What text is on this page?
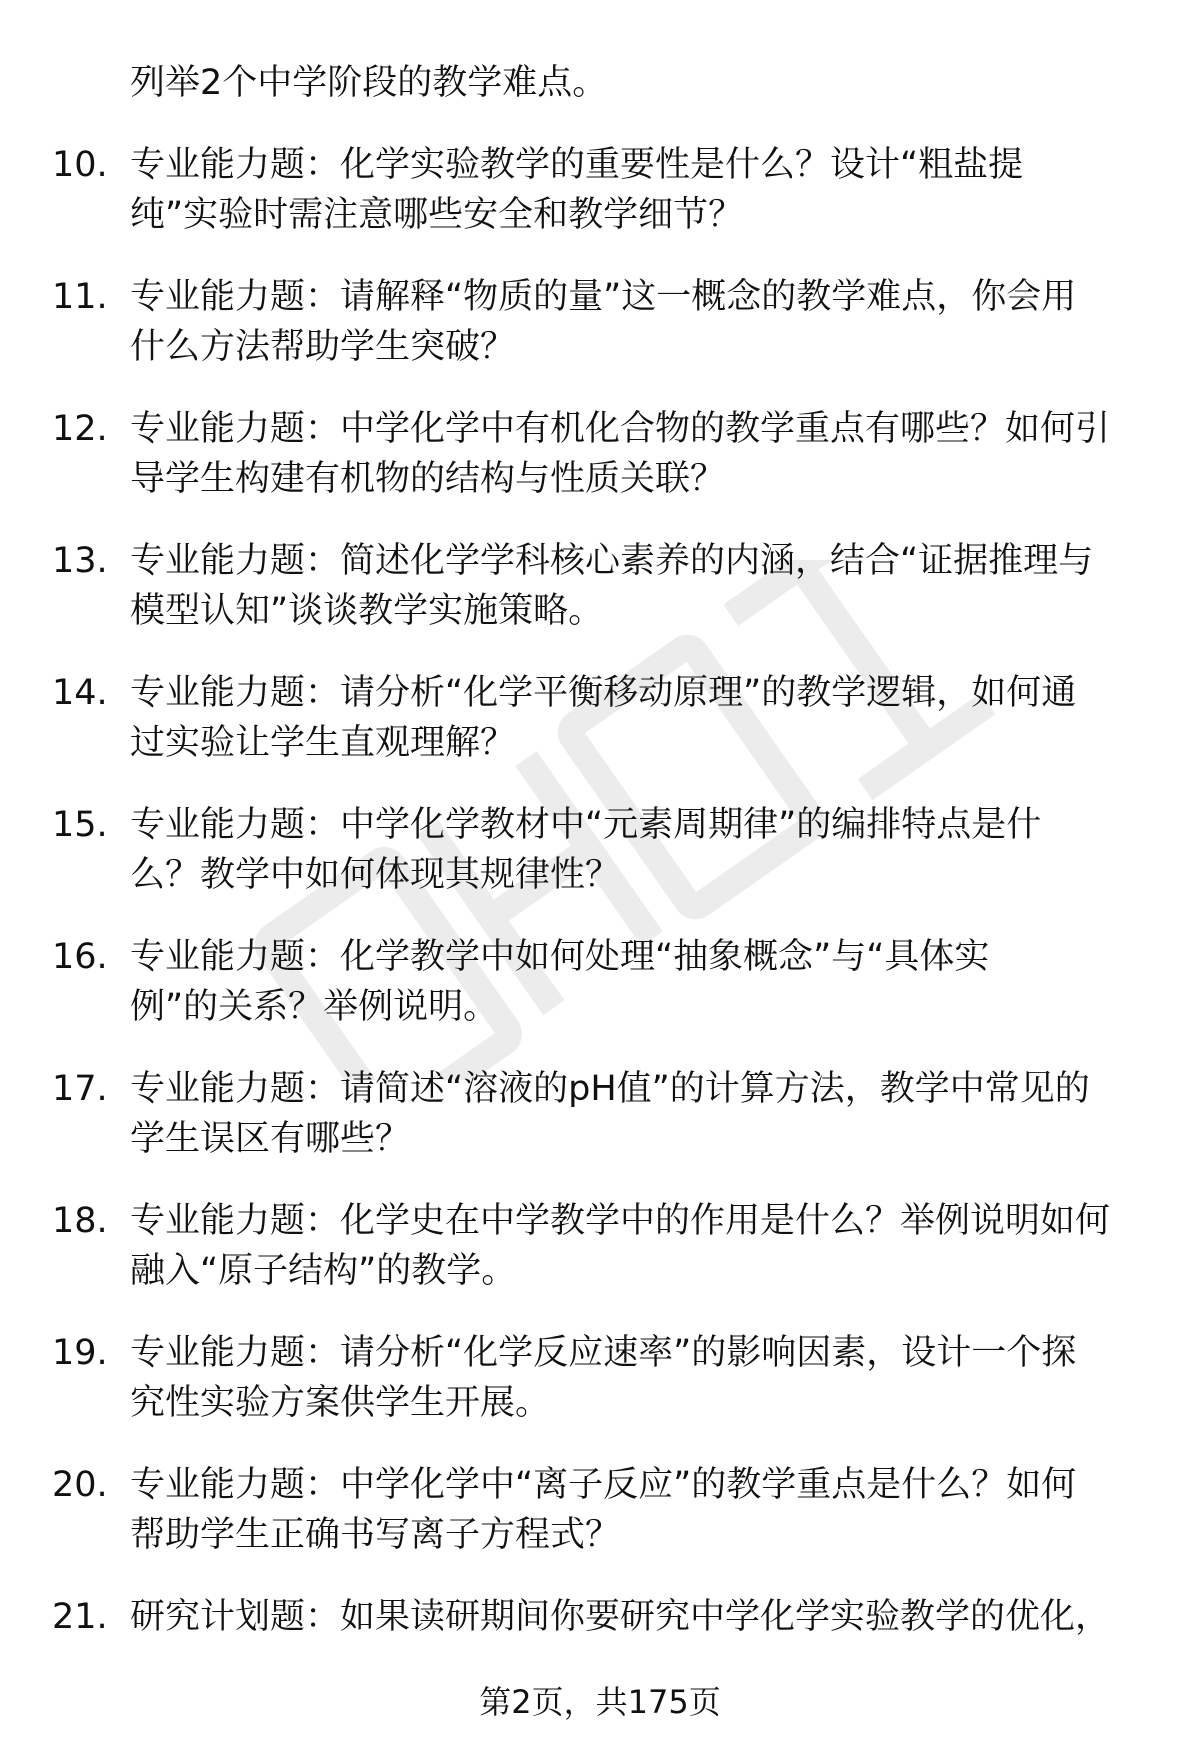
列举2个中学阶段的教学难点。

10. 专业能力题：化学实验教学的重要性是什么？设计“粗盐提
纯”实验时需注意哪些安全和教学细节？

11. 专业能力题：请解释“物质的量”这一概念的教学难点，你会用
什么方法帮助学生突破？

12. 专业能力题：中学化学中有机化合物的教学重点有哪些？如何引
导学生构建有机物的结构与性质关联？

13. 专业能力题：简述化学学科核心素养的内涵，结合“证据推理与
模型认知”谈谈教学实施策略。

14. 专业能力题：请分析“化学平衡移动原理”的教学逻辑，如何通
过实验让学生直观理解？

15. 专业能力题：中学化学教材中“元素周期律”的编排特点是什
么？教学中如何体现其规律性？

16. 专业能力题：化学教学中如何处理“抽象概念”与“具体实
例”的关系？举例说明。

17. 专业能力题：请简述“溶液的pH值”的计算方法，教学中常见的
学生误区有哪些？

18. 专业能力题：化学史在中学教学中的作用是什么？举例说明如何
融入“原子结构”的教学。

19. 专业能力题：请分析“化学反应速率”的影响因素，设计一个探
究性实验方案供学生开展。

20. 专业能力题：中学化学中“离子反应”的教学重点是什么？如何
帮助学生正确书写离子方程式？

21. 研究计划题：如果读研期间你要研究中学化学实验教学的优化，

第2页，共175页
